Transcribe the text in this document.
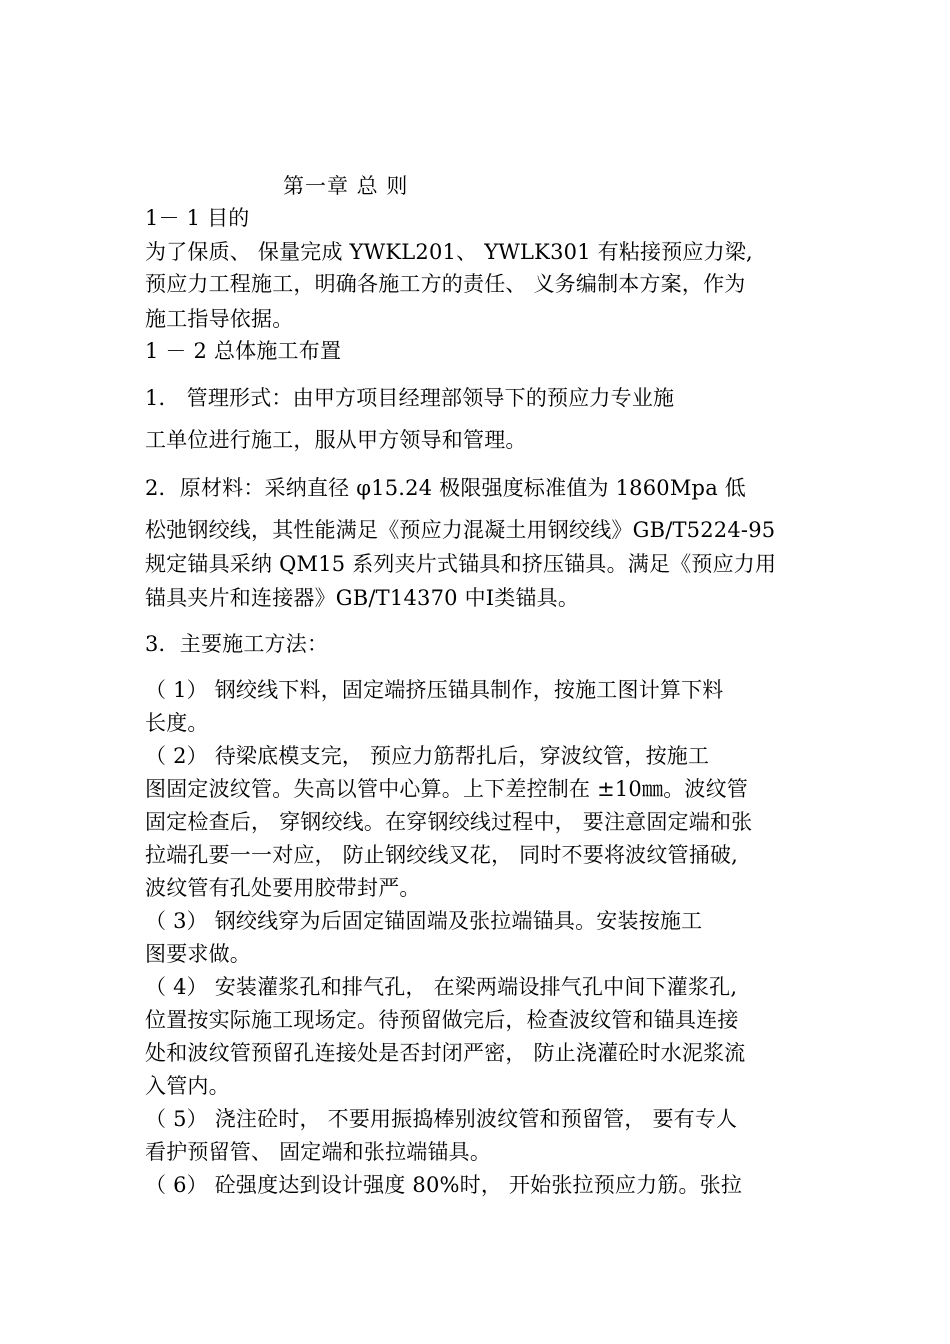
第一章 总 则
1－ 1 目的
为了保质、 保量完成 YWKL201、 YWLK301 有粘接预应力梁,
预应力工程施工，明确各施工方的责任、 义务编制本方案，作为
施工指导依据。
1 － 2 总体施工布置
1． 管理形式：由甲方项目经理部领导下的预应力专业施
工单位进行施工，服从甲方领导和管理。
2．原材料：采纳直径 φ15.24 极限强度标准值为 1860Mpa 低
松弛钢绞线，其性能满足《预应力混凝土用钢绞线》GB/T5224-95
规定锚具采纳 QM15 系列夹片式锚具和挤压锚具。满足《预应力用
锚具夹片和连接器》GB/T14370 中Ⅰ类锚具。
3．主要施工方法：
（ 1） 钢绞线下料，固定端挤压锚具制作，按施工图计算下料
长度。
（ 2） 待梁底模支完， 预应力筋帮扎后，穿波纹管，按施工
图固定波纹管。失高以管中心算。上下差控制在 ±10㎜。波纹管
固定检查后， 穿钢绞线。在穿钢绞线过程中， 要注意固定端和张
拉端孔要一一对应， 防止钢绞线叉花， 同时不要将波纹管捅破,
波纹管有孔处要用胶带封严。
（ 3） 钢绞线穿为后固定锚固端及张拉端锚具。安装按施工
图要求做。
（ 4） 安装灌浆孔和排气孔， 在梁两端设排气孔中间下灌浆孔,
位置按实际施工现场定。待预留做完后，检查波纹管和锚具连接
处和波纹管预留孔连接处是否封闭严密， 防止浇灌砼时水泥浆流
入管内。
（ 5） 浇注砼时， 不要用振捣棒别波纹管和预留管， 要有专人
看护预留管、 固定端和张拉端锚具。
（ 6） 砼强度达到设计强度 80%时， 开始张拉预应力筋。张拉
